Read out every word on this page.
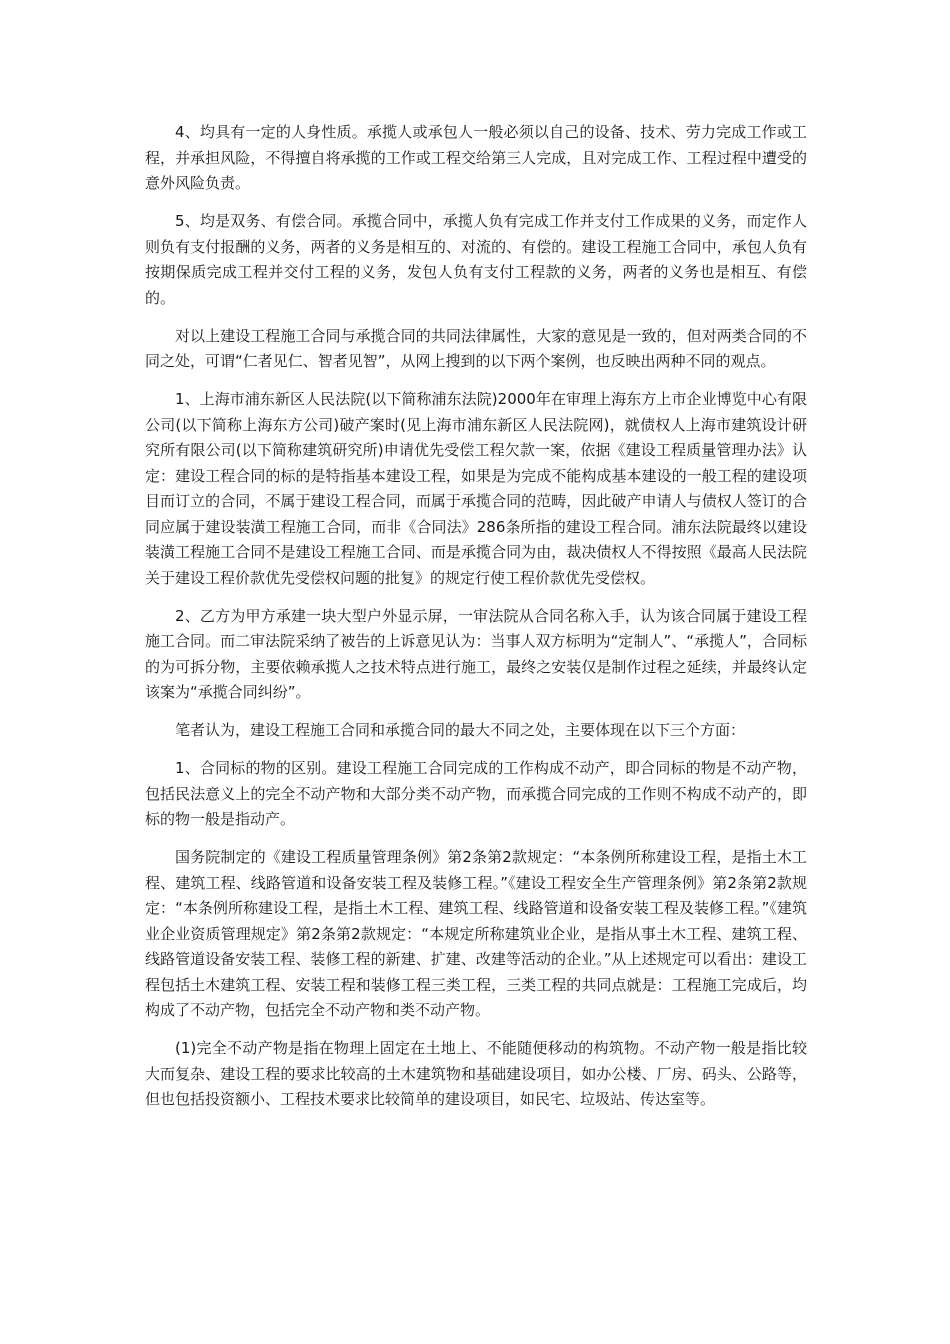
4、均具有一定的人身性质。承揽人或承包人一般必须以自己的设备、技术、劳力完成工作或工程，并承担风险，不得擅自将承揽的工作或工程交给第三人完成，且对完成工作、工程过程中遭受的意外风险负责。

5、均是双务、有偿合同。承揽合同中，承揽人负有完成工作并支付工作成果的义务，而定作人则负有支付报酬的义务，两者的义务是相互的、对流的、有偿的。建设工程施工合同中，承包人负有按期保质完成工程并交付工程的义务，发包人负有支付工程款的义务，两者的义务也是相互、有偿的。

对以上建设工程施工合同与承揽合同的共同法律属性，大家的意见是一致的，但对两类合同的不同之处，可谓“仁者见仁、智者见智”，从网上搜到的以下两个案例，也反映出两种不同的观点。

1、上海市浦东新区人民法院(以下简称浦东法院)2000年在审理上海东方上市企业博览中心有限公司(以下简称上海东方公司)破产案时(见上海市浦东新区人民法院网)，就债权人上海市建筑设计研究所有限公司(以下简称建筑研究所)申请优先受偿工程欠款一案，依据《建设工程质量管理办法》认定：建设工程合同的标的是特指基本建设工程，如果是为完成不能构成基本建设的一般工程的建设项目而订立的合同，不属于建设工程合同，而属于承揽合同的范畴，因此破产申请人与债权人签订的合同应属于建设装潢工程施工合同，而非《合同法》286条所指的建设工程合同。浦东法院最终以建设装潢工程施工合同不是建设工程施工合同、而是承揽合同为由，裁决债权人不得按照《最高人民法院关于建设工程价款优先受偿权问题的批复》的规定行使工程价款优先受偿权。

2、乙方为甲方承建一块大型户外显示屏，一审法院从合同名称入手，认为该合同属于建设工程施工合同。而二审法院采纳了被告的上诉意见认为：当事人双方标明为“定制人”、“承揽人”，合同标的为可拆分物，主要依赖承揽人之技术特点进行施工，最终之安装仅是制作过程之延续，并最终认定该案为“承揽合同纠纷”。

笔者认为，建设工程施工合同和承揽合同的最大不同之处，主要体现在以下三个方面：

1、合同标的物的区别。建设工程施工合同完成的工作构成不动产，即合同标的物是不动产物，包括民法意义上的完全不动产物和大部分类不动产物，而承揽合同完成的工作则不构成不动产的，即标的物一般是指动产。

国务院制定的《建设工程质量管理条例》第2条第2款规定：“本条例所称建设工程，是指土木工程、建筑工程、线路管道和设备安装工程及装修工程。”《建设工程安全生产管理条例》第2条第2款规定：“本条例所称建设工程，是指土木工程、建筑工程、线路管道和设备安装工程及装修工程。”《建筑业企业资质管理规定》第2条第2款规定：“本规定所称建筑业企业，是指从事土木工程、建筑工程、线路管道设备安装工程、装修工程的新建、扩建、改建等活动的企业。”从上述规定可以看出：建设工程包括土木建筑工程、安装工程和装修工程三类工程，三类工程的共同点就是：工程施工完成后，均构成了不动产物，包括完全不动产物和类不动产物。

(1)完全不动产物是指在物理上固定在土地上、不能随便移动的构筑物。不动产物一般是指比较大而复杂、建设工程的要求比较高的土木建筑物和基础建设项目，如办公楼、厂房、码头、公路等，但也包括投资额小、工程技术要求比较简单的建设项目，如民宅、垃圾站、传达室等。
